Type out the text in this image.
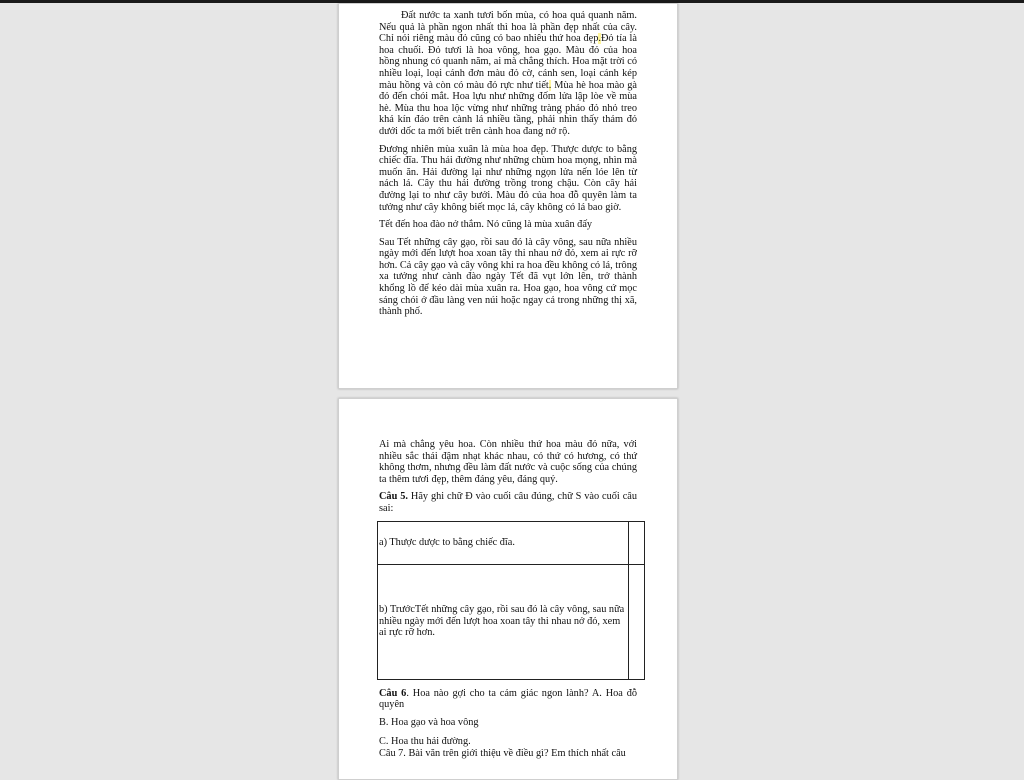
Đất nước ta xanh tươi bốn mùa, có hoa quả quanh năm. Nếu quả là phần ngon nhất thì hoa là phần đẹp nhất của cây. Chỉ nói riêng màu đỏ cũng có bao nhiêu thứ hoa đẹp.Đỏ tía là hoa chuối. Đỏ tươi là hoa vông, hoa gạo. Màu đỏ của hoa hồng nhung có quanh năm, ai mà chẳng thích. Hoa mặt trời có nhiều loại, loại cánh đơn màu đỏ cờ, cánh sen, loại cánh kép màu hồng và còn có màu đỏ rực như tiết. Mùa hè hoa mào gà đỏ đến chói mắt. Hoa lựu như những đốm lửa lập lòe về mùa hè. Mùa thu hoa lộc vừng như những tràng pháo đỏ nhỏ treo khá kín đáo trên cành lá nhiều tầng, phải nhìn thấy thảm đỏ dưới dốc ta mới biết trên cành hoa đang nở rộ.

Đương nhiên mùa xuân là mùa hoa đẹp. Thược dược to bằng chiếc đĩa. Thu hải đường như những chùm hoa mọng, nhìn mà muốn ăn. Hải đường lại như những ngọn lửa nến lóe lên từ nách lá. Cây thu hải đường trồng trong chậu. Còn cây hải đường lại to như cây bưởi. Màu đỏ của hoa đỗ quyên làm ta tưởng như cây không biết mọc lá, cây không có lá bao giờ.

Tết đến hoa đào nở thắm. Nó cũng là mùa xuân đấy

Sau Tết những cây gạo, rồi sau đó là cây vông, sau nữa nhiều ngày mới đến lượt hoa xoan tây thi nhau nở đỏ, xem ai rực rỡ hơn. Cả cây gạo và cây vông khi ra hoa đều không có lá, trông xa tưởng như cành đào ngày Tết đã vụt lớn lên, trở thành khổng lồ để kéo dài mùa xuân ra. Hoa gạo, hoa vông cứ mọc sáng chói ở đầu làng ven núi hoặc ngay cả trong những thị xã, thành phố.

Ai mà chẳng yêu hoa. Còn nhiều thứ hoa màu đỏ nữa, với nhiều sắc thái đậm nhạt khác nhau, có thứ có hương, có thứ không thơm, nhưng đều làm đất nước và cuộc sống của chúng ta thêm tươi đẹp, thêm đáng yêu, đáng quý.

Câu 5. Hãy ghi chữ Đ vào cuối câu đúng, chữ S vào cuối câu sai:

a) Thược dược to bằng chiếc đĩa.	
b) TrướcTết những cây gạo, rồi sau đó là cây vông, sau nữa nhiều ngày mới đến lượt hoa xoan tây thi nhau nở đỏ, xem ai rực rỡ hơn.	

Câu 6. Hoa nào gợi cho ta cảm giác ngon lành? A. Hoa đỗ quyên

B. Hoa gạo và hoa vông

C. Hoa thu hải đường.

Câu 7. Bài văn trên giới thiệu về điều gì? Em thích nhất câu
